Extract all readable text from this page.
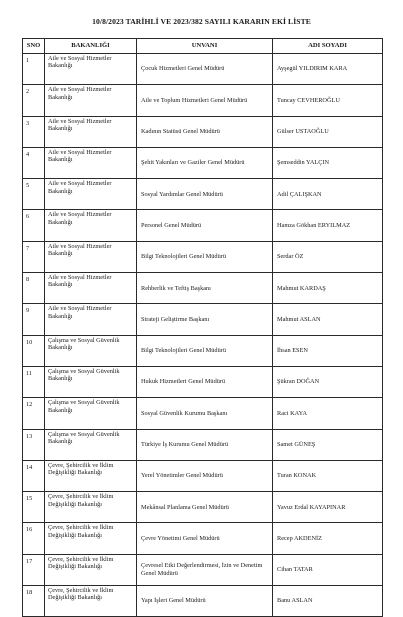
10/8/2023 TARİHLİ VE 2023/382 SAYILI KARARIN EKİ LİSTE
SNO	BAKANLIĞI	UNVANI	ADI SOYADI
1	Aile ve Sosyal Hizmetler Bakanlığı	Çocuk Hizmetleri Genel Müdürü	Ayşegül YILDIRIM KARA
2	Aile ve Sosyal Hizmetler Bakanlığı	Aile ve Toplum Hizmetleri Genel Müdürü	Tuncay CEVHEROĞLU
3	Aile ve Sosyal Hizmetler Bakanlığı	Kadının Statüsü Genel Müdürü	Gülser USTAOĞLU
4	Aile ve Sosyal Hizmetler Bakanlığı	Şehit Yakınları ve Gaziler Genel Müdürü	Şemseddin YALÇIN
5	Aile ve Sosyal Hizmetler Bakanlığı	Sosyal Yardımlar Genel Müdürü	Adil ÇALIŞKAN
6	Aile ve Sosyal Hizmetler Bakanlığı	Personel Genel Müdürü	Hamza Gökhan ERYILMAZ
7	Aile ve Sosyal Hizmetler Bakanlığı	Bilgi Teknolojileri Genel Müdürü	Serdar ÖZ
8	Aile ve Sosyal Hizmetler Bakanlığı	Rehberlik ve Teftiş Başkanı	Mahmut KARDAŞ
9	Aile ve Sosyal Hizmetler Bakanlığı	Strateji Geliştirme Başkanı	Mahmut ASLAN
10	Çalışma ve Sosyal Güvenlik Bakanlığı	Bilgi Teknolojileri Genel Müdürü	İhsan ESEN
11	Çalışma ve Sosyal Güvenlik Bakanlığı	Hukuk Hizmetleri Genel Müdürü	Şükran DOĞAN
12	Çalışma ve Sosyal Güvenlik Bakanlığı	Sosyal Güvenlik Kurumu Başkanı	Raci KAYA
13	Çalışma ve Sosyal Güvenlik Bakanlığı	Türkiye İş Kurumu Genel Müdürü	Samet GÜNEŞ
14	Çevre, Şehircilik ve İklim Değişikliği Bakanlığı	Yerel Yönetimler Genel Müdürü	Turan KONAK
15	Çevre, Şehircilik ve İklim Değişikliği Bakanlığı	Mekânsal Planlama Genel Müdürü	Yavuz Erdal KAYAPINAR
16	Çevre, Şehircilik ve İklim Değişikliği Bakanlığı	Çevre Yönetimi Genel Müdürü	Recep AKDENİZ
17	Çevre, Şehircilik ve İklim Değişikliği Bakanlığı	Çevresel Etki Değerlendirmesi, İzin ve Denetim Genel Müdürü	Cihan TATAR
18	Çevre, Şehircilik ve İklim Değişikliği Bakanlığı	Yapı İşleri Genel Müdürü	Banu ASLAN
